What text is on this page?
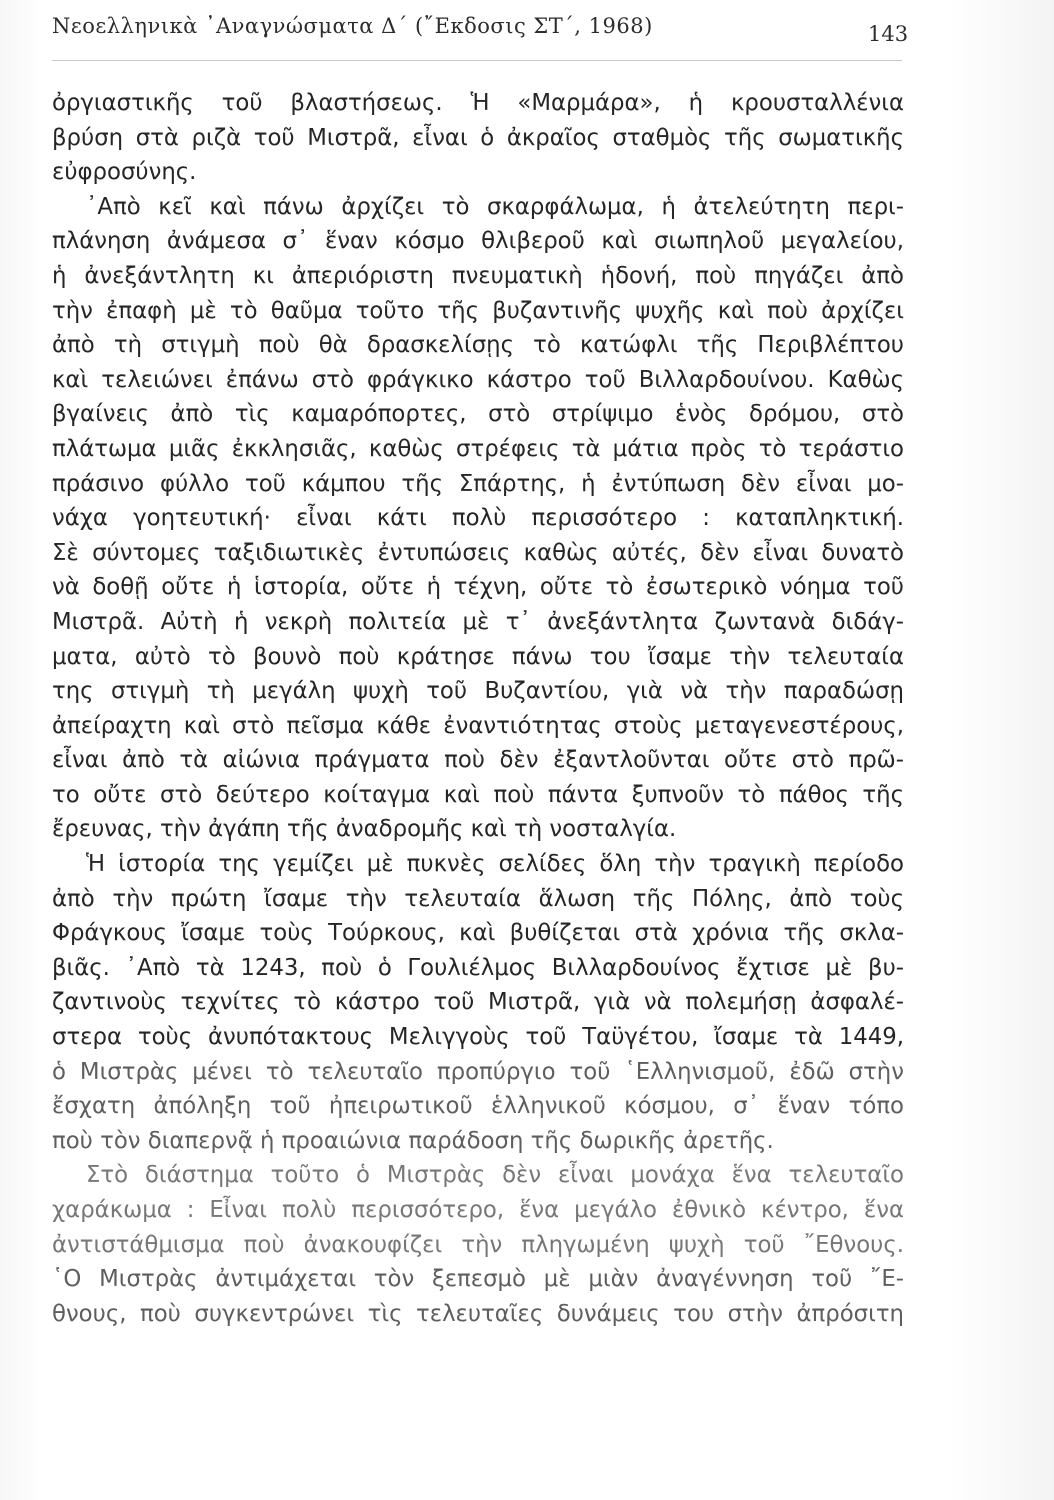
Νεοελληνικὰ ᾿Αναγνώσματα Δ΄ (῎Εκδοσις ΣΤ΄, 1968)	143
ὀργιαστικῆς τοῦ βλαστήσεως. Ἡ «Μαρμάρα», ἡ κρουσταλλένια
βρύση στὰ ριζὰ τοῦ Μιστρᾶ, εἶναι ὁ ἀκραῖος σταθμὸς τῆς σωματικῆς
εὐφροσύνης.
᾿Απὸ κεῖ καὶ πάνω ἀρχίζει τὸ σκαρφάλωμα, ἡ ἀτελεύτητη περι-
πλάνηση ἀνάμεσα σ᾿ ἕναν κόσμο θλιβεροῦ καὶ σιωπηλοῦ μεγαλείου,
ἡ ἀνεξάντλητη κι ἀπεριόριστη πνευματικὴ ἡδονή, ποὺ πηγάζει ἀπὸ
τὴν ἐπαφὴ μὲ τὸ θαῦμα τοῦτο τῆς βυζαντινῆς ψυχῆς καὶ ποὺ ἀρχίζει
ἀπὸ τὴ στιγμὴ ποὺ θὰ δρασκελίσῃς τὸ κατώφλι τῆς Περιβλέπτου
καὶ τελειώνει ἐπάνω στὸ φράγκικο κάστρο τοῦ Βιλλαρδουίνου. Καθὼς
βγαίνεις ἀπὸ τὶς καμαρόπορτες, στὸ στρίψιμο ἑνὸς δρόμου, στὸ
πλάτωμα μιᾶς ἐκκλησιᾶς, καθὼς στρέφεις τὰ μάτια πρὸς τὸ τεράστιο
πράσινο φύλλο τοῦ κάμπου τῆς Σπάρτης, ἡ ἐντύπωση δὲν εἶναι μο-
νάχα γοητευτική· εἶναι κάτι πολὺ περισσότερο : καταπληκτική.
Σὲ σύντομες ταξιδιωτικὲς ἐντυπώσεις καθὼς αὐτές, δὲν εἶναι δυνατὸ
νὰ δοθῇ οὔτε ἡ ἱστορία, οὔτε ἡ τέχνη, οὔτε τὸ ἐσωτερικὸ νόημα τοῦ
Μιστρᾶ. Αὐτὴ ἡ νεκρὴ πολιτεία μὲ τ᾿ ἀνεξάντλητα ζωντανὰ διδάγ-
ματα, αὐτὸ τὸ βουνὸ ποὺ κράτησε πάνω του ἴσαμε τὴν τελευταία
της στιγμὴ τὴ μεγάλη ψυχὴ τοῦ Βυζαντίου, γιὰ νὰ τὴν παραδώσῃ
ἀπείραχτη καὶ στὸ πεῖσμα κάθε ἐναντιότητας στοὺς μεταγενεστέρους,
εἶναι ἀπὸ τὰ αἰώνια πράγματα ποὺ δὲν ἐξαντλοῦνται οὔτε στὸ πρῶ-
το οὔτε στὸ δεύτερο κοίταγμα καὶ ποὺ πάντα ξυπνοῦν τὸ πάθος τῆς
ἔρευνας, τὴν ἀγάπη τῆς ἀναδρομῆς καὶ τὴ νοσταλγία.
Ἡ ἱστορία της γεμίζει μὲ πυκνὲς σελίδες ὅλη τὴν τραγικὴ περίοδο
ἀπὸ τὴν πρώτη ἴσαμε τὴν τελευταία ἅλωση τῆς Πόλης, ἀπὸ τοὺς
Φράγκους ἴσαμε τοὺς Τούρκους, καὶ βυθίζεται στὰ χρόνια τῆς σκλα-
βιᾶς. ᾿Απὸ τὰ 1243, ποὺ ὁ Γουλιέλμος Βιλλαρδουίνος ἔχτισε μὲ βυ-
ζαντινοὺς τεχνίτες τὸ κάστρο τοῦ Μιστρᾶ, γιὰ νὰ πολεμήσῃ ἀσφαλέ-
στερα τοὺς ἀνυπότακτους Μελιγγοὺς τοῦ Ταϋγέτου, ἴσαμε τὰ 1449,
ὁ Μιστρὰς μένει τὸ τελευταῖο προπύργιο τοῦ ῾Ελληνισμοῦ, ἐδῶ στὴν
ἔσχατη ἀπόληξη τοῦ ἠπειρωτικοῦ ἑλληνικοῦ κόσμου, σ᾿ ἕναν τόπο
ποὺ τὸν διαπερνᾷ ἡ προαιώνια παράδοση τῆς δωρικῆς ἀρετῆς.
Στὸ διάστημα τοῦτο ὁ Μιστρὰς δὲν εἶναι μονάχα ἕνα τελευταῖο
χαράκωμα : Εἶναι πολὺ περισσότερο, ἕνα μεγάλο ἐθνικὸ κέντρο, ἕνα
ἀντιστάθμισμα ποὺ ἀνακουφίζει τὴν πληγωμένη ψυχὴ τοῦ ῎Εθνους.
῾Ο Μιστρὰς ἀντιμάχεται τὸν ξεπεσμὸ μὲ μιὰν ἀναγέννηση τοῦ ῎Ε-
θνους, ποὺ συγκεντρώνει τὶς τελευταῖες δυνάμεις του στὴν ἀπρόσιτη
